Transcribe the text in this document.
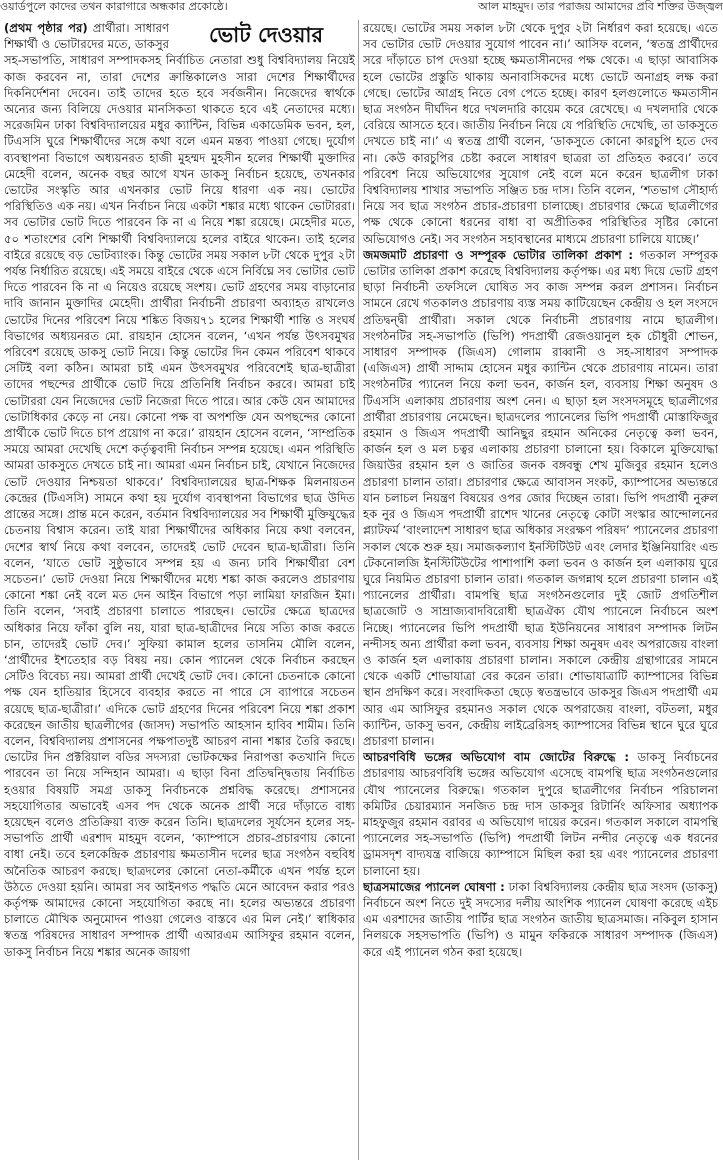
ওয়ার্ডপুলে কাদের তথন কারাগারে অন্ধকার প্রকোষ্ঠে।	আল মাহমুদ। তার পরাজয় আমাদের প্রবি শক্তির উজ্জ্বল
ভোট দেওয়ার

(প্রথম পৃষ্ঠার পর) প্রার্থীরা। সাধারণ শিক্ষার্থী ও ভোটারদের মতে, ডাকসুর সহ-সভাপতি, সাধারণ সম্পাদকসহ নির্বাচিত নেতারা শুধু বিশ্ববিদ্যালয় নিয়েই কাজ করবেন না, তারা দেশের ক্রান্তিকালেও সারা দেশের শিক্ষার্থীদের দিকনির্দেশনা দেবেন। তাই তাদের হতে হবে সর্বজনীন। নিজেদের স্বার্থকে অন্যের জন্য বিলিয়ে দেওয়ার মানসিকতা থাকতে হবে এই নেতাদের মধ্যে। সরেজমিন ঢাকা বিশ্ববিদ্যালয়ের মধুর ক্যান্টিন, বিভিন্ন একাডেমিক ভবন, হল, টিএসসি ঘুরে শিক্ষার্থীদের সঙ্গে কথা বলে এমন মন্তব্য পাওয়া গেছে। দুর্যোগ ব্যবস্থাপনা বিভাগে অধ্যয়নরত হাজী মুহম্মদ মুহসীন হলের শিক্ষার্থী মুক্তাদির মেহেদী বলেন, অনেক বছর আগে যখন ডাকসু নির্বাচন হয়েছে, তখনকার ভোটের সংস্কৃতি আর এখনকার ভোট নিয়ে ধারণা এক নয়। ভোটের পরিস্থিতিও এক নয়। এখন নির্বাচন নিয়ে একটা শঙ্কার মধ্যে থাকেন ভোটাররা। সব ভোটার ভোট দিতে পারবেন কি না এ নিয়ে শঙ্কা রয়েছে। মেহেদীর মতে, ৫০ শতাংশের বেশি শিক্ষার্থী বিশ্ববিদ্যালয়ে হলের বাইরে থাকেন। তাই হলের বাইরে রয়েছে বড় ভোটব্যাংক। কিন্তু ভোটের সময় সকাল ৮টা থেকে দুপুর ২টা পর্যন্ত নির্ধারিত রয়েছে। এই সময়ে বাইরে থেকে এসে নির্বিঘ্নে সব ভোটার ভোট দিতে পারবেন কি না এ নিয়েও রয়েছে সংশয়। ভোট গ্রহণের সময় বাড়ানোর দাবি জানান মুক্তাদির মেহেদী। প্রার্থীরা নির্বাচনী প্রচারণা অব্যাহত রাখলেও ভোটের দিনের পরিবেশ নিয়ে শঙ্কিত বিজয়৭১ হলের শিক্ষার্থী শান্তি ও সংঘর্ষ বিভাগের অধ্যয়নরত মো. রায়হান হোসেন বলেন, ‘এখন পর্যন্ত উৎসবমুখর পরিবেশ রয়েছে ডাকসু ভোট নিয়ে। কিন্তু ভোটের দিন কেমন পরিবেশ থাকবে সেটিই বলা কঠিন। আমরা চাই এমন উৎসবমুখর পরিবেশেই ছাত্র-ছাত্রীরা তাদের পছন্দের প্রার্থীকে ভোট দিয়ে প্রতিনিধি নির্বাচন করবে। আমরা চাই ভোটাররা যেন নিজেদের ভোট নিজেরা দিতে পারে। আর কেউ যেন আমাদের ভোটাধিকার কেড়ে না নেয়। কোনো পক্ষ বা অপশক্তি যেন অপছন্দের কোনো প্রার্থীকে ভোট দিতে চাপ প্রয়োগ না করে।’ রায়হান হোসেন বলেন, ‘সাম্প্রতিক সময়ে আমরা দেখেছি দেশে কর্তৃত্ববাদী নির্বাচন সম্পন্ন হয়েছে। এমন পরিস্থিতি আমরা ডাকসুতে দেখতে চাই না। আমরা এমন নির্বাচন চাই, যেখানে নিজেদের ভোট দেওয়ার নিশ্চয়তা থাকবে।’ বিশ্ববিদ্যালয়ের ছাত্র-শিক্ষক মিলনায়তন কেন্দ্রের (টিএসসি) সামনে কথা হয় দুর্যোগ ব্যবস্থাপনা বিভাগের ছাত্র উদিত প্রান্তের সঙ্গে। প্রান্ত মনে করেন, বর্তমান বিশ্ববিদ্যালয়ের সব শিক্ষার্থী মুক্তিযুদ্ধের চেতনায় বিশ্বাস করেন। তাই যারা শিক্ষার্থীদের অধিকার নিয়ে কথা বলবেন, দেশের স্বার্থ নিয়ে কথা বলবেন, তাদেরই ভোট দেবেন ছাত্র-ছাত্রীরা। তিনি বলেন, ‘যাতে ভোট সুষ্ঠুভাবে সম্পন্ন হয় এ জন্য ঢাবি শিক্ষার্থীরা বেশ সচেতন।’ ভোট দেওয়া নিয়ে শিক্ষার্থীদের মধ্যে শঙ্কা কাজ করলেও প্রচারণায় কোনো শঙ্কা নেই বলে মত দেন আইন বিভাগে পড়া লামিয়া ফারজিন ইমা। তিনি বলেন, ‘সবাই প্রচারণা চালাতে পারছেন। ভোটের ক্ষেত্রে ছাত্রদের অধিকার নিয়ে ফাঁকা বুলি নয়, যারা ছাত্র-ছাত্রীদের নিয়ে সত্যি কাজ করতে চান, তাদেরই ভোট দেব।’ সুফিয়া কামাল হলের তাসনিম মৌলি বলেন, ‘প্রার্থীদের ইশতেহার বড় বিষয় নয়। কোন প্যানেল থেকে নির্বাচন করছেন সেটিও বিবেচ্য নয়। আমরা প্রার্থী দেখেই ভোট দেব। কোনো চেতনাকে কোনো পক্ষ যেন হাতিয়ার হিসেবে ব্যবহার করতে না পারে সে ব্যাপারে সচেতন রয়েছে ছাত্র-ছাত্রীরা।’ এদিকে ভোট গ্রহণের দিনের পরিবেশ নিয়ে শঙ্কা প্রকাশ করেছেন জাতীয় ছাত্রলীগের (জাসদ) সভাপতি আহসান হাবিব শামীম। তিনি বলেন, বিশ্ববিদ্যালয় প্রশাসনের পক্ষপাতদুষ্ট আচরণ নানা শঙ্কার তৈরি করছে। ভোটের দিন প্রক্টরিয়াল বডির সদস্যরা ভোটকক্ষের নিরাপত্তা কতখানি দিতে পারবেন তা নিয়ে সন্দিহান আমরা। এ ছাড়া বিনা প্রতিদ্বন্দ্বিতায় নির্বাচিত হওয়ার বিষয়টি সমগ্র ডাকসু নির্বাচনকে প্রশ্নবিদ্ধ করেছে। প্রশাসনের সহযোগিতার অভাবেই এসব পদ থেকে অনেক প্রার্থী সরে দাঁড়াতে বাধ্য হয়েছেন বলেও প্রতিক্রিয়া ব্যক্ত করেন তিনি। ছাত্রদলের সূর্যসেন হলের সহ-সভাপতি প্রার্থী এরশাদ মাহমুদ বলেন, ‘ক্যাম্পাসে প্রচার-প্রচারণায় কোনো বাধা নেই। তবে হলকেন্দ্রিক প্রচারণায় ক্ষমতাসীন দলের ছাত্র সংগঠন বহুবিধ অনৈতিক আচরণ করছে। ছাত্রদলের কোনো নেতা-কর্মীকে এখন পর্যন্ত হলে উঠতে দেওয়া হয়নি। আমরা সব আইনগত পদ্ধতি মেনে আবেদন করার পরও কর্তৃপক্ষ আমাদের কোনো সহযোগিতা করছে না। হলের অভ্যন্তরে প্রচারণা চালাতে মৌখিক অনুমোদন পাওয়া গেলেও বাস্তবে এর মিল নেই।’ স্বাধিকার স্বতন্ত্র পরিষদের সাধারণ সম্পাদক প্রার্থী এআরএম আসিফুর রহমান বলেন, ডাকসু নির্বাচন নিয়ে শঙ্কার অনেক জায়গা

রয়েছে। ভোটের সময় সকাল ৮টা থেকে দুপুর ২টা নির্ধারণ করা হয়েছে। এতে সব ভোটার ভোট দেওয়ার সুযোগ পাবেন না।’ আসিফ বলেন, ‘স্বতন্ত্র প্রার্থীদের সরে দাঁড়াতে চাপ দেওয়া হচ্ছে ক্ষমতাসীনদের পক্ষ থেকে। এ ছাড়া আবাসিক হলে ভোটের প্রস্তুতি থাকায় অনাবাসিকদের মধ্যে ভোটে অনাগ্রহ লক্ষ করা গেছে। ভোটের আগ্রহ নিতে বেগ পেতে হচ্ছে। কারণ হলগুলোতে ক্ষমতাসীন ছাত্র সংগঠন দীর্ঘদিন ধরে দখলদারি কায়েম করে রেখেছে। এ দখলদারি থেকে বেরিয়ে আসতে হবে। জাতীয় নির্বাচন নিয়ে যে পরিস্থিতি দেখেছি, তা ডাকসুতে দেখতে চাই না।’ এ স্বতন্ত্র প্রার্থী বলেন, ‘ডাকসুতে কোনো কারচুপি হতে দেব না। কেউ কারচুপির চেষ্টা করলে সাধারণ ছাত্ররা তা প্রতিহত করবে।’ তবে পরিবেশ নিয়ে অভিযোগের সুযোগ নেই বলে মনে করেন ছাত্রলীগ ঢাকা বিশ্ববিদ্যালয় শাখার সভাপতি সঞ্জিত চন্দ্র দাস। তিনি বলেন, ‘শতভাগ সৌহার্দ্য নিয়ে সব ছাত্র সংগঠন প্রচার-প্রচারণা চালাচ্ছে। প্রচারণার ক্ষেত্রে ছাত্রলীগের পক্ষ থেকে কোনো ধরনের বাধা বা অপ্রীতিকর পরিস্থিতির সৃষ্টির কোনো অভিযোগও নেই। সব সংগঠন সহাবস্থানের মাধ্যমে প্রচারণা চালিয়ে যাচ্ছে।’

জমজমাট প্রচারণা ও সম্পূরক ভোটার তালিকা প্রকাশ : গতকাল সম্পূরক ভোটার তালিকা প্রকাশ করেছে বিশ্ববিদ্যালয় কর্তৃপক্ষ। এর মধ্য দিয়ে ভোট গ্রহণ ছাড়া নির্বাচনী তফসিলে ঘোষিত সব কাজ সম্পন্ন করল প্রশাসন। নির্বাচন সামনে রেখে গতকালও প্রচারণায় ব্যস্ত সময় কাটিয়েছেন কেন্দ্রীয় ও হল সংসদে প্রতিদ্বন্দ্বী প্রার্থীরা। সকাল থেকে নির্বাচনী প্রচারণায় নামে ছাত্রলীগ। সংগঠনটির সহ-সভাপতি (ভিপি) পদপ্রার্থী রেজওয়ানুল হক চৌধুরী শোভন, সাধারণ সম্পাদক (জিএস) গোলাম রাব্বানী ও সহ-সাধারণ সম্পাদক (এজিএস) প্রার্থী সাদ্দাম হোসেন মধুর ক্যান্টিন থেকে প্রচারণায় নামেন। তারা সংগঠনটির প্যানেল নিয়ে কলা ভবন, কার্জন হল, ব্যবসায় শিক্ষা অনুষদ ও টিএসসি এলাকায় প্রচারণায় অংশ নেন। এ ছাড়া হল সংসদসমূহে ছাত্রলীগের প্রার্থীরা প্রচারণায় নেমেছেন। ছাত্রদলের প্যানেলের ভিপি পদপ্রার্থী মোস্তাফিজুর রহমান ও জিএস পদপ্রার্থী আনিছুর রহমান অনিকের নেতৃত্বে কলা ভবন, কার্জন হল ও মল চত্বর এলাকায় প্রচারণা চালানো হয়। বিকালে মুক্তিযোদ্ধা জিয়াউর রহমান হল ও জাতির জনক বঙ্গবন্ধু শেখ মুজিবুর রহমান হলেও প্রচারণা চালান তারা। প্রচারণার ক্ষেত্রে আবাসন সংকট, ক্যাম্পাসের অভ্যন্তরে যান চলাচল নিয়ন্ত্রণ বিষয়ের ওপর জোর দিচ্ছেন তারা। ভিপি পদপ্রার্থী নুরুল হক নুর ও জিএস পদপ্রার্থী রাশেদ খানের নেতৃত্বে কোটা সংস্কার আন্দোলনের প্ল্যাটফর্ম ‘বাংলাদেশ সাধারণ ছাত্র অধিকার সংরক্ষণ পরিষদ’ প্যানেলের প্রচারণা সকাল থেকে শুরু হয়। সমাজকল্যাণ ইনস্টিটিউট এবং লেদার ইঞ্জিনিয়ারিং এন্ড টেকনোলজি ইনস্টিটিউটের পাশাপাশি কলা ভবন ও কার্জন হল এলাকায় ঘুরে ঘুরে নিয়মিত প্রচারণা চালান তারা। গতকাল জগন্নাথ হলে প্রচারণা চালান এই প্যানেলের প্রার্থীরা। বামপন্থি ছাত্র সংগঠনগুলোর দুই জোট প্রগতিশীল ছাত্রজোট ও সাম্রাজ্যবাদবিরোধী ছাত্রঐক্য যৌথ প্যানেলে নির্বাচনে অংশ নিচ্ছে। প্যানেলের ভিপি পদপ্রার্থী ছাত্র ইউনিয়নের সাধারণ সম্পাদক লিটন নন্দীসহ অন্য প্রার্থীরা কলা ভবন, ব্যবসায় শিক্ষা অনুষদ এবং অপরাজেয় বাংলা ও কার্জন হল এলাকায় প্রচারণা চালান। সকালে কেন্দ্রীয় গ্রন্থাগারের সামনে থেকে একটি শোভাযাত্রা বের করেন তারা। শোভাযাত্রাটি ক্যাম্পাসের বিভিন্ন স্থান প্রদক্ষিণ করে। সংবাদিকতা ছেড়ে স্বতন্ত্রভাবে ডাকসুর জিএস পদপ্রার্থী এম আর এম আসিফুর রহমানও সকাল থেকে অপরাজেয় বাংলা, বটতলা, মধুর ক্যান্টিন, ডাকসু ভবন, কেন্দ্রীয় লাইব্রেরিসহ ক্যাম্পাসের বিভিন্ন স্থানে ঘুরে ঘুরে প্রচারণা চালান।

আচরণবিধি ভঙ্গের অভিযোগ বাম জোটের বিরুদ্ধে : ডাকসু নির্বাচনের প্রচারণায় আচরণবিধি ভঙ্গের অভিযোগ এসেছে বামপন্থি ছাত্র সংগঠনগুলোর যৌথ প্যানেলের বিরুদ্ধে। গতকাল দুপুরে ছাত্রলীগের নির্বাচন পরিচালনা কমিটির চেয়ারম্যান সনজিত চন্দ্র দাস ডাকসুর রিটার্নিং অফিসার অধ্যাপক মাহফুজুর রহমান বরাবর এ অভিযোগ দায়ের করেন। গতকাল সকালে বামপন্থি প্যানেলের সহ-সভাপতি (ভিপি) পদপ্রার্থী লিটন নন্দীর নেতৃত্বে এক ধরনের ড্রামসদৃশ বাদ্যযন্ত্র বাজিয়ে ক্যাম্পাসে মিছিল করা হয় এবং প্যানেলের প্রচারণা চালানো হয়।

ছাত্রসমাজের প্যানেল ঘোষণা : ঢাকা বিশ্ববিদ্যালয় কেন্দ্রীয় ছাত্র সংসদ (ডাকসু) নির্বাচনে অংশ নিতে দুই সদস্যের দলীয় আংশিক প্যানেল ঘোষণা করেছে এইচ এম এরশাদের জাতীয় পার্টির ছাত্র সংগঠন জাতীয় ছাত্রসমাজ। নকিবুল হাসান নিলয়কে সহসভাপতি (ভিপি) ও মামুন ফকিরকে সাধারণ সম্পাদক (জিএস) করে এই প্যানেল গঠন করা হয়েছে।
